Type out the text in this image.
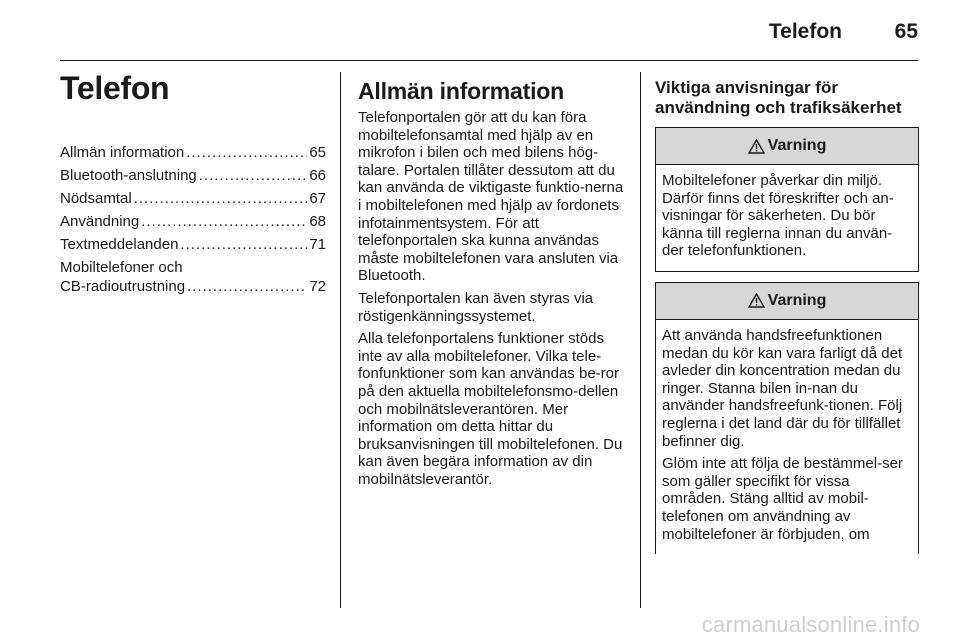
Telefon	65
Telefon
Allmän information .....	65
Bluetooth-anslutning .....	66
Nödsamtal .....	67
Användning .....	68
Textmeddelanden .....	71
Mobiltelefoner och
CB-radioutrustning .....	72
Allmän information

Telefonportalen gör att du kan föra mobiltelefonsamtal med hjälp av en mikrofon i bilen och med bilens hög-talare. Portalen tillåter dessutom att du kan använda de viktigaste funktio-nerna i mobiltelefonen med hjälp av fordonets infotainmentsystem. För att telefonportalen ska kunna användas måste mobiltelefonen vara ansluten via Bluetooth.

Telefonportalen kan även styras via röstigenkänningssystemet.

Alla telefonportalens funktioner stöds inte av alla mobiltelefoner. Vilka tele-fonfunktioner som kan användas be-ror på den aktuella mobiltelefonsmo-dellen och mobilnätsleverantören. Mer information om detta hittar du bruksanvisningen till mobiltelefonen. Du kan även begära information av din mobilnätsleverantör.

Viktiga anvisningar för
användning och trafiksäkerhet
Varning

Mobiltelefoner påverkar din miljö. Därför finns det föreskrifter och an-visningar för säkerheten. Du bör känna till reglerna innan du använ-der telefonfunktionen.

Varning

Att använda handsfreefunktionen medan du kör kan vara farligt då det avleder din koncentration medan du ringer. Stanna bilen in-nan du använder handsfreefunk-tionen. Följ reglerna i det land där du för tillfället befinner dig.

Glöm inte att följa de bestämmel-ser som gäller specifikt för vissa områden. Stäng alltid av mobil-telefonen om användning av mobiltelefoner är förbjuden, om

carmanualsonline.info
